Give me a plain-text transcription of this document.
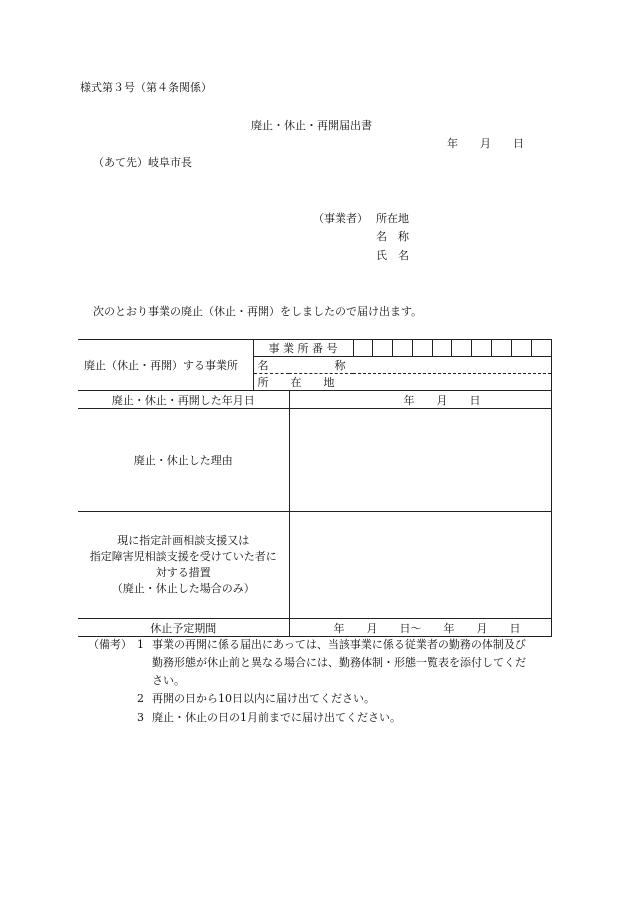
様式第３号（第４条関係）
廃止・休止・再開届出書
年　　月　　日
（あて先）岐阜市長
（事業者） 所在地
名　称
氏　名
次のとおり事業の廃止（休止・再開）をしましたので届け出ます。
廃止（休止・再開）する事業所	事 業 所 番 号		

	名　　　　　　称		
	所　　在　　地		
廃止・休止・再開した年月日		年　　月　　日	
廃止・休止した理由			

現に指定計画相談支援又は
指定障害児相談支援を受けていた者に
対する措置
（廃止・休止した場合のみ）			

休止予定期間		年　　月　　日～　　年　　月　　日	
（備考） 1 事業の再開に係る届出にあっては、当該事業に係る従業者の勤務の体制及び
勤務形態が休止前と異なる場合には、勤務体制・形態一覧表を添付してくだ
さい。
2 再開の日から10日以内に届け出てください。
3 廃止・休止の日の1月前までに届け出てください。
